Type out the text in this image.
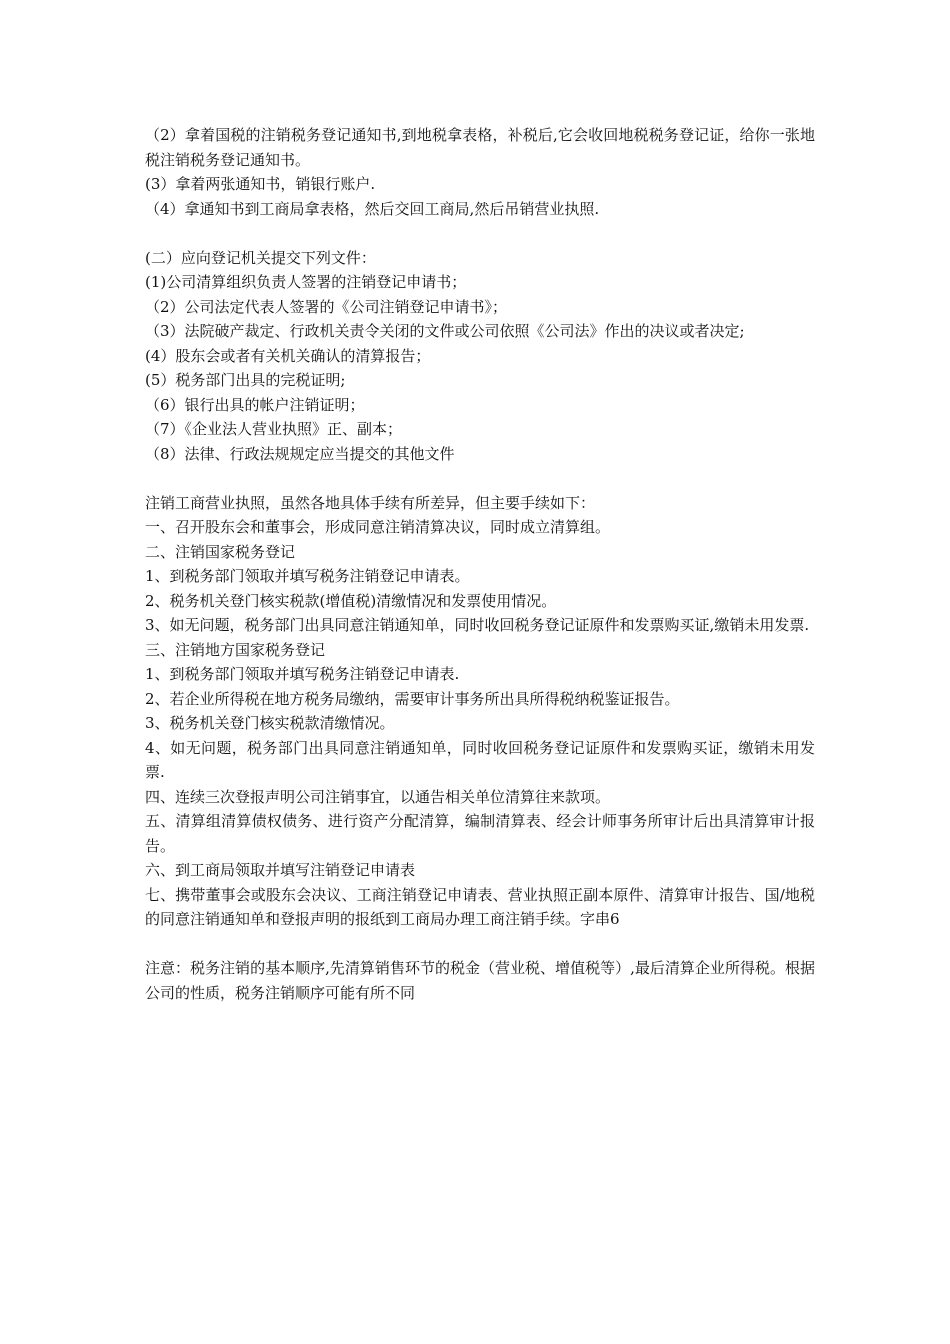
（2）拿着国税的注销税务登记通知书,到地税拿表格，补税后,它会收回地税税务登记证，给你一张地税注销税务登记通知书。

(3）拿着两张通知书，销银行账户.

（4）拿通知书到工商局拿表格，然后交回工商局,然后吊销营业执照.

(二）应向登记机关提交下列文件：

(1)公司清算组织负责人签署的注销登记申请书；

（2）公司法定代表人签署的《公司注销登记申请书》；

（3）法院破产裁定、行政机关责令关闭的文件或公司依照《公司法》作出的决议或者决定;

(4）股东会或者有关机关确认的清算报告；

(5）税务部门出具的完税证明;

（6）银行出具的帐户注销证明；

（7）《企业法人营业执照》正、副本；

（8）法律、行政法规规定应当提交的其他文件

注销工商营业执照，虽然各地具体手续有所差异，但主要手续如下：

一、召开股东会和董事会，形成同意注销清算决议，同时成立清算组。

二、注销国家税务登记

1、到税务部门领取并填写税务注销登记申请表。

2、税务机关登门核实税款(增值税)清缴情况和发票使用情况。

3、如无问题，税务部门出具同意注销通知单，同时收回税务登记证原件和发票购买证,缴销未用发票.

三、注销地方国家税务登记

1、到税务部门领取并填写税务注销登记申请表.

2、若企业所得税在地方税务局缴纳，需要审计事务所出具所得税纳税鉴证报告。

3、税务机关登门核实税款清缴情况。

4、如无问题，税务部门出具同意注销通知单，同时收回税务登记证原件和发票购买证，缴销未用发票.

四、连续三次登报声明公司注销事宜，以通告相关单位清算往来款项。

五、清算组清算债权债务、进行资产分配清算，编制清算表、经会计师事务所审计后出具清算审计报告。

六、到工商局领取并填写注销登记申请表

七、携带董事会或股东会决议、工商注销登记申请表、营业执照正副本原件、清算审计报告、国/地税的同意注销通知单和登报声明的报纸到工商局办理工商注销手续。字串6

注意：税务注销的基本顺序,先清算销售环节的税金（营业税、增值税等）,最后清算企业所得税。根据公司的性质，税务注销顺序可能有所不同
